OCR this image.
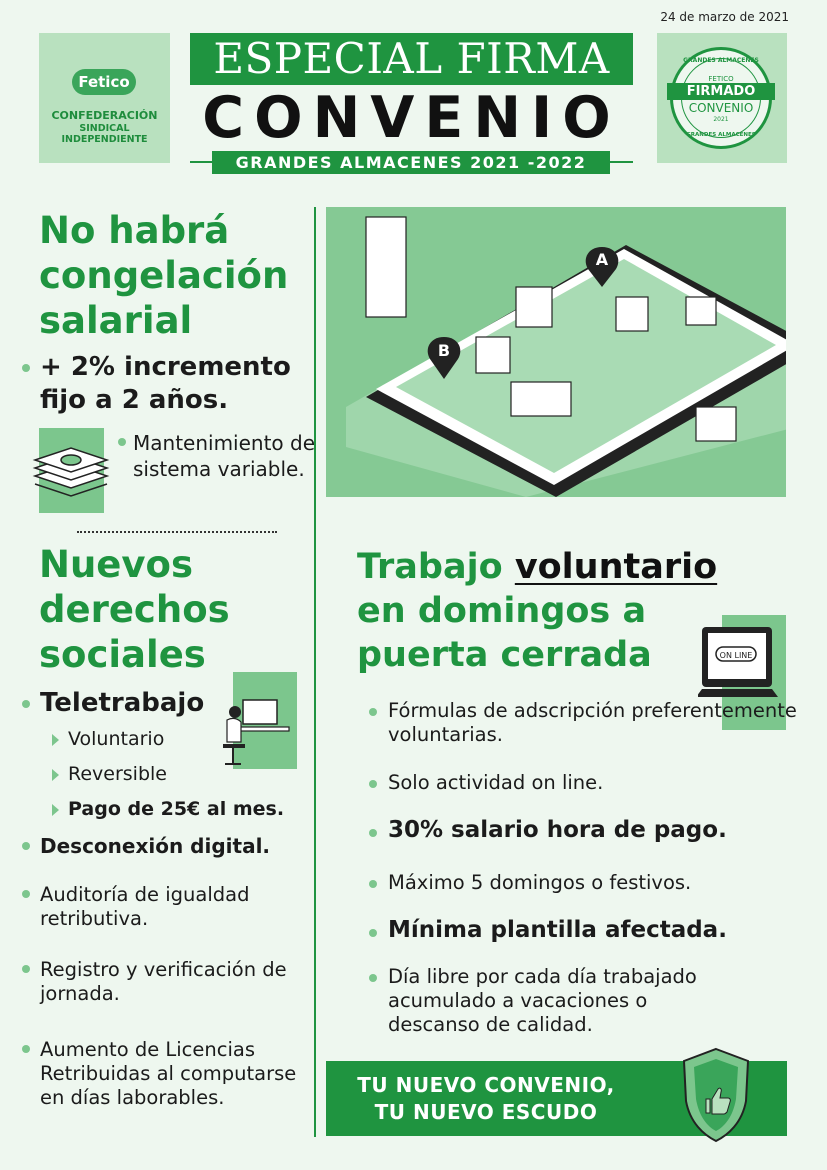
24 de marzo de 2021
Fetico
CONFEDERACIÓN
SINDICAL INDEPENDIENTE
ESPECIAL FIRMA
CONVENIO
GRANDES ALMACENES 2021 -2022
GRANDES ALMACENES
FETICO
FIRMADO
CONVENIO
2021
GRANDES ALMACENES
No habrá congelación salarial
+ 2% incremento fijo a 2 años.
Mantenimiento de sistema variable.
Nuevos derechos sociales
Teletrabajo
Voluntario
Reversible
Pago de 25€ al mes.
Desconexión digital.
Auditoría de igualdad retributiva.
Registro y verificación de jornada.
Aumento de Licencias Retribuidas al computarse en días laborables.
A
B
Trabajo voluntario
en domingos a puerta cerrada	ON LINE
Fórmulas de adscripción preferentemente voluntarias.
Solo actividad on line.
30% salario hora de pago.
Máximo 5 domingos o festivos.
Mínima plantilla afectada.
Día libre por cada día trabajado acumulado a vacaciones o descanso de calidad.
TU NUEVO CONVENIO,
TU NUEVO ESCUDO
